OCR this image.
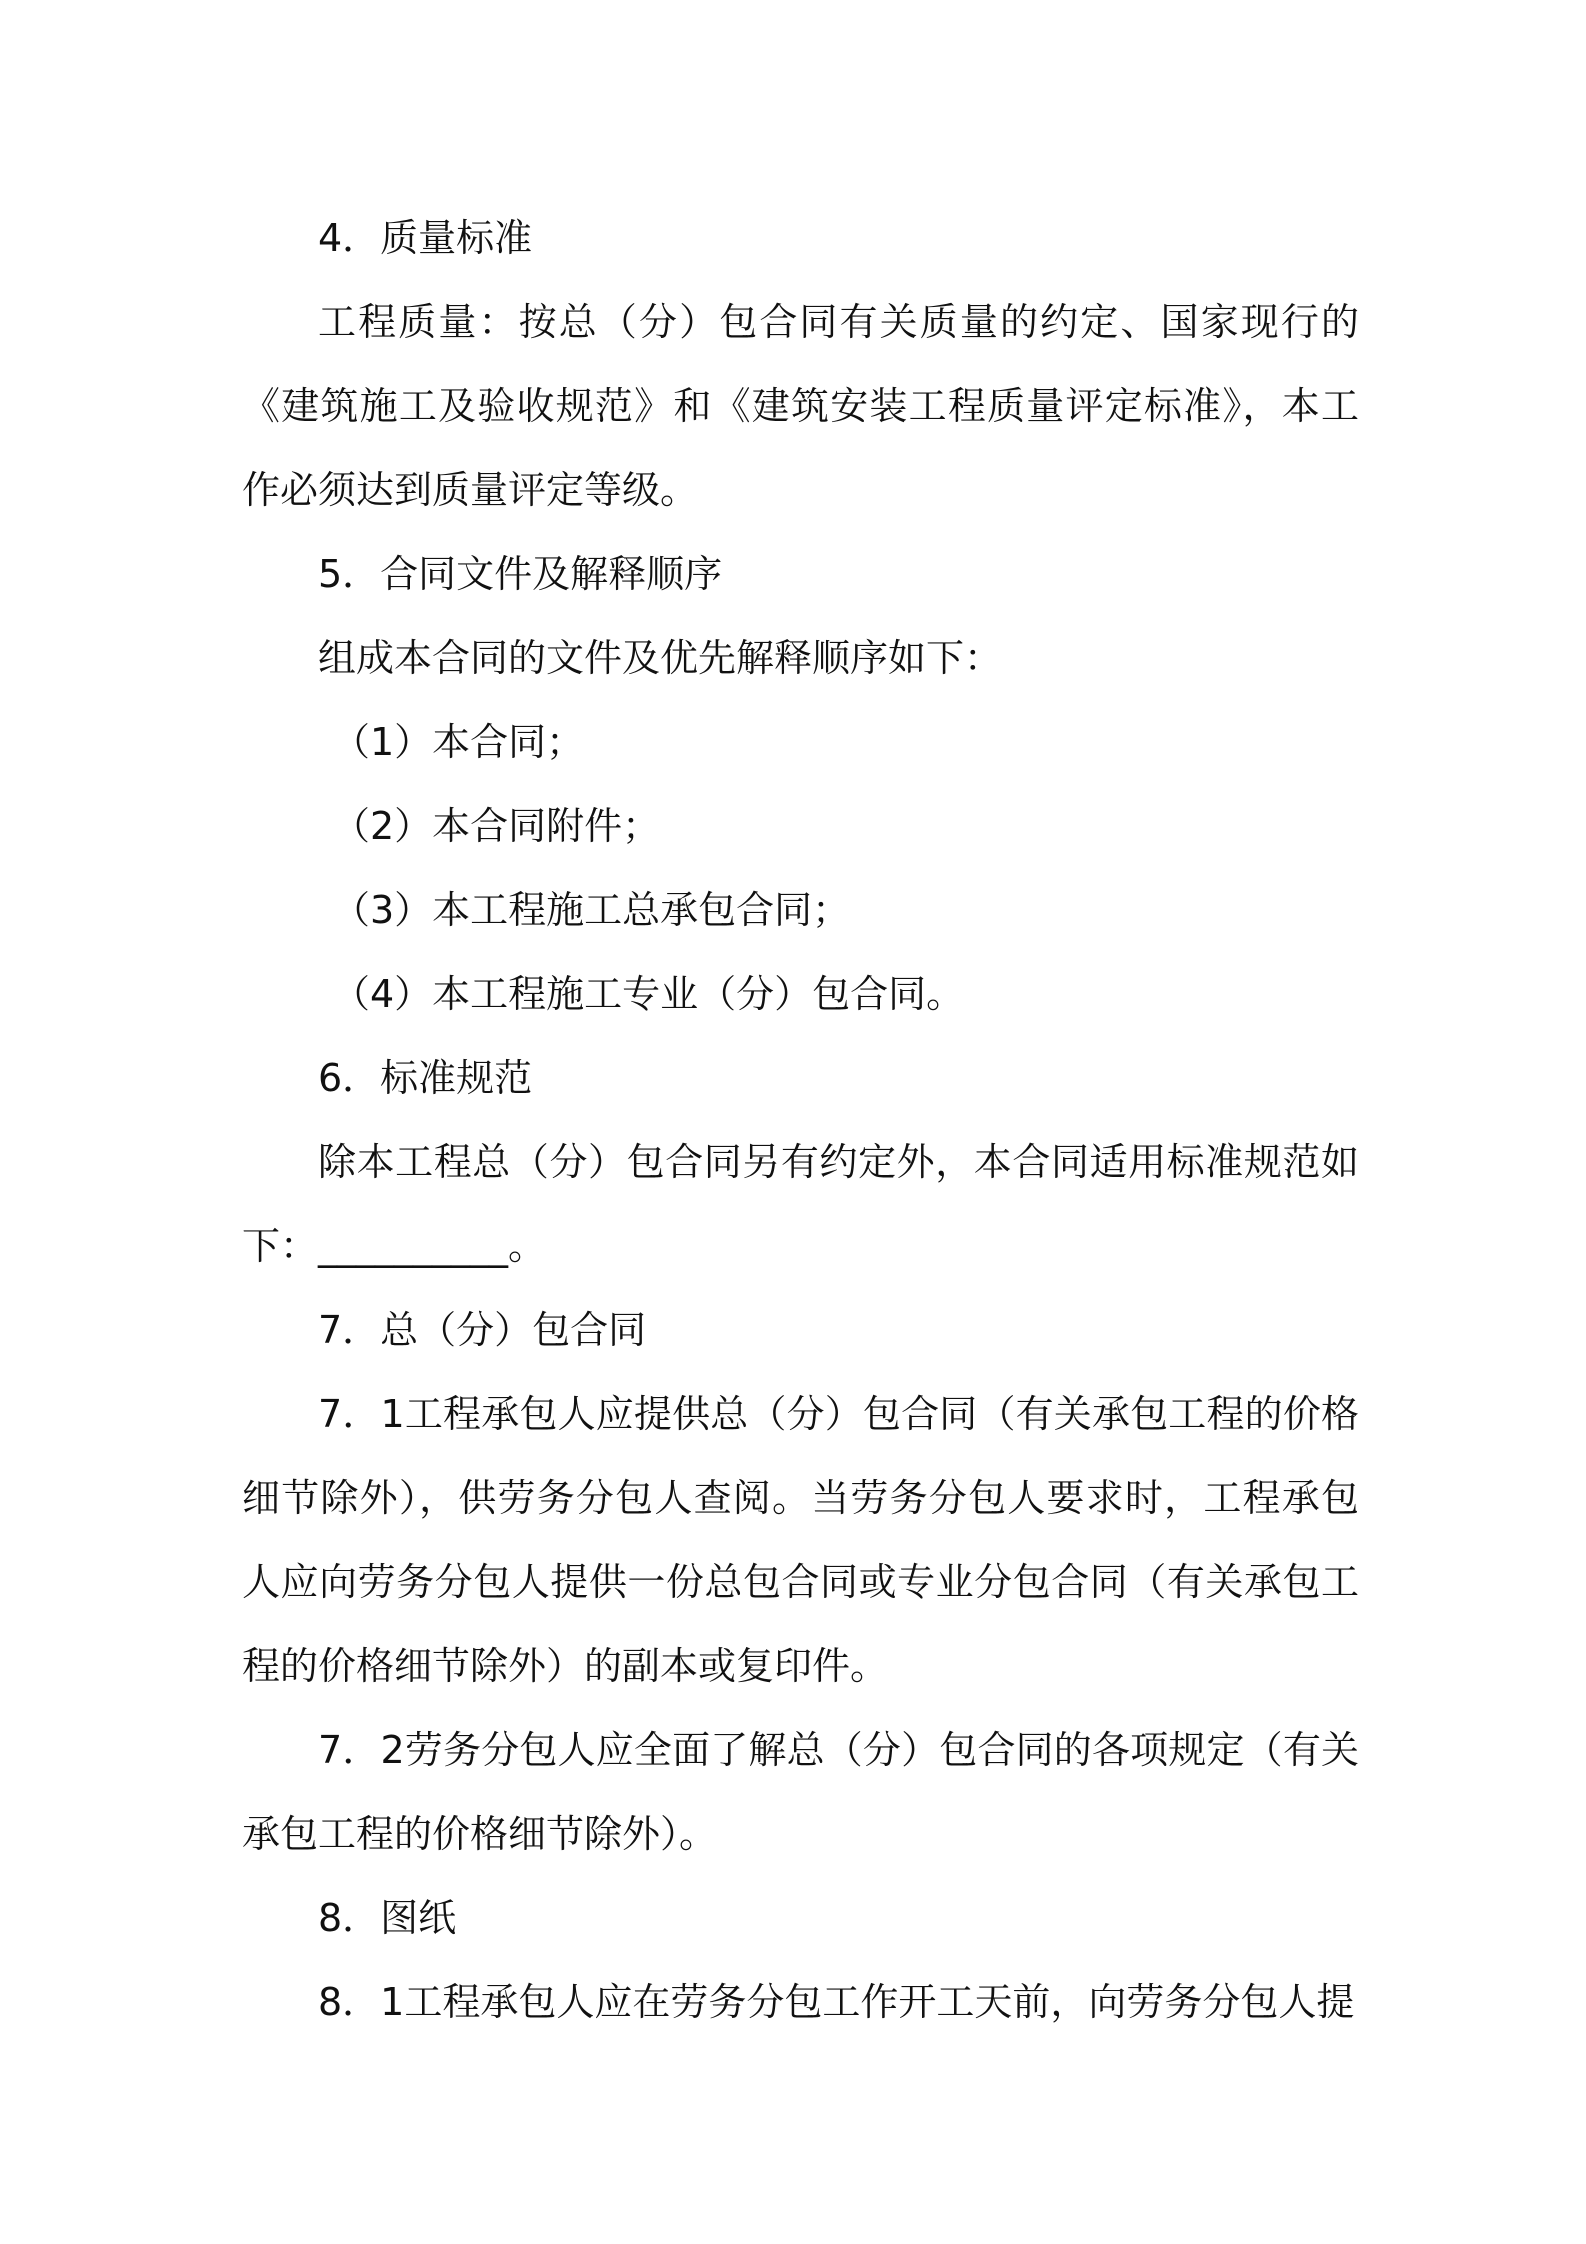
4．质量标准

工程质量：按总（分）包合同有关质量的约定、国家现行的《建筑施工及验收规范》和《建筑安装工程质量评定标准》，本工作必须达到质量评定等级。

5．合同文件及解释顺序

组成本合同的文件及优先解释顺序如下：

（1）本合同；

（2）本合同附件；

（3）本工程施工总承包合同；

（4）本工程施工专业（分）包合同。

6．标准规范

除本工程总（分）包合同另有约定外，本合同适用标准规范如下：__________。

7．总（分）包合同

7．1工程承包人应提供总（分）包合同（有关承包工程的价格细节除外），供劳务分包人查阅。当劳务分包人要求时，工程承包人应向劳务分包人提供一份总包合同或专业分包合同（有关承包工程的价格细节除外）的副本或复印件。

7．2劳务分包人应全面了解总（分）包合同的各项规定（有关承包工程的价格细节除外）。

8．图纸

8．1工程承包人应在劳务分包工作开工天前，向劳务分包人提
